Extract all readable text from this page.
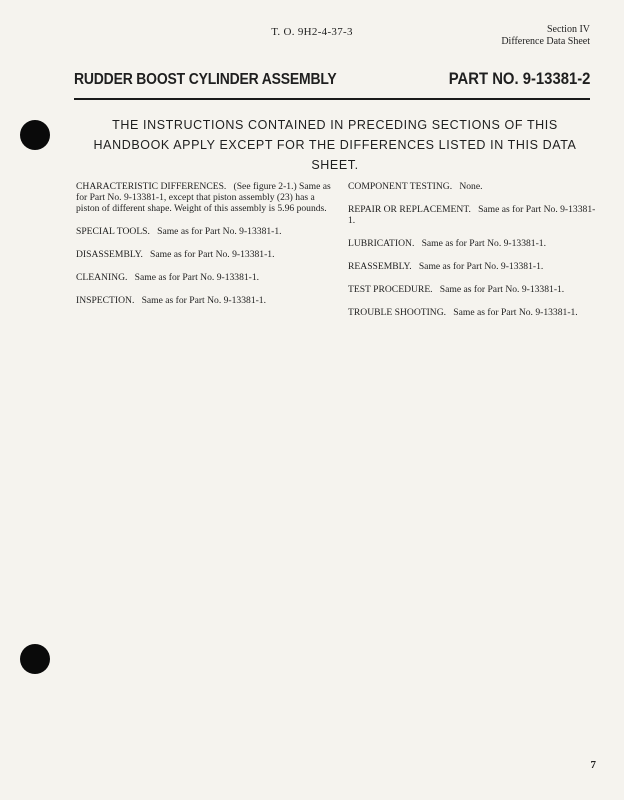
T. O. 9H2-4-37-3	Section IV
Difference Data Sheet
RUDDER BOOST CYLINDER ASSEMBLY	PART NO. 9-13381-2
THE INSTRUCTIONS CONTAINED IN PRECEDING SECTIONS OF THIS
HANDBOOK APPLY EXCEPT FOR THE DIFFERENCES LISTED IN THIS DATA SHEET.
CHARACTERISTIC DIFFERENCES.   (See figure 2-1.) Same as for Part No. 9-13381-1, except that piston assembly (23) has a piston of different shape. Weight of this assembly is 5.96 pounds.
SPECIAL TOOLS.   Same as for Part No. 9-13381-1.
DISASSEMBLY.   Same as for Part No. 9-13381-1.
CLEANING.   Same as for Part No. 9-13381-1.
INSPECTION.   Same as for Part No. 9-13381-1.
COMPONENT TESTING.   None.
REPAIR OR REPLACEMENT.   Same as for Part No. 9-13381-1.
LUBRICATION.   Same as for Part No. 9-13381-1.
REASSEMBLY.   Same as for Part No. 9-13381-1.
TEST PROCEDURE.   Same as for Part No. 9-13381-1.
TROUBLE SHOOTING.   Same as for Part No. 9-13381-1.
7
